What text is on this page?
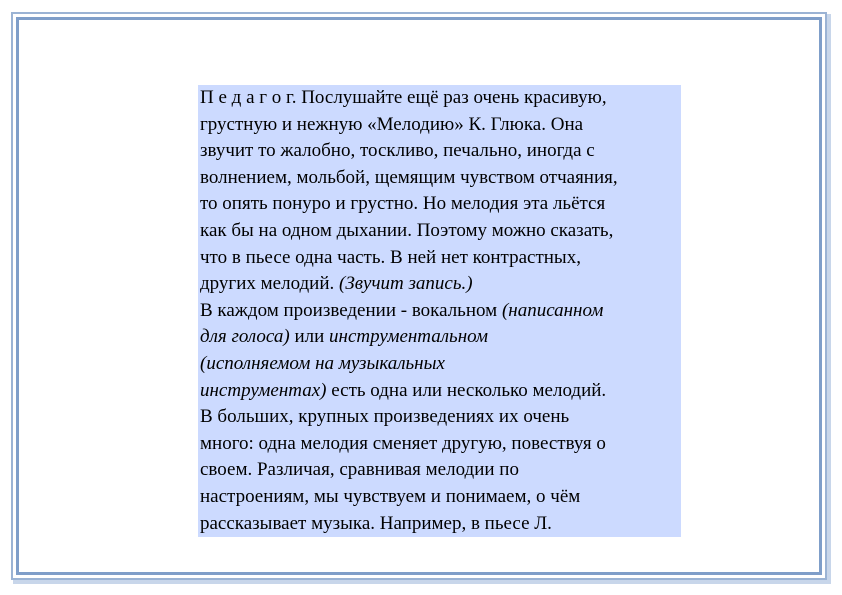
П е д а г о г. Послушайте ещё раз очень красивую,
грустную и нежную «Мелодию» К. Глюка. Она
звучит то жалобно, тоскливо, печально, иногда с
волнением, мольбой, щемящим чувством отчаяния,
то опять понуро и грустно. Но мелодия эта льётся
как бы на одном дыхании. Поэтому можно сказать,
что в пьесе одна часть. В ней нет контрастных,
других мелодий. (Звучит запись.)
В каждом произведении - вокальном (написанном
для голоса) или инструментальном
(исполняемом на музыкальных
инструментах) есть одна или несколько мелодий.
В больших, крупных произведениях их очень
много: одна мелодия сменяет другую, повествуя о
своем. Различая, сравнивая мелодии по
настроениям, мы чувствуем и понимаем, о чём
рассказывает музыка. Например, в пьесе Л.
